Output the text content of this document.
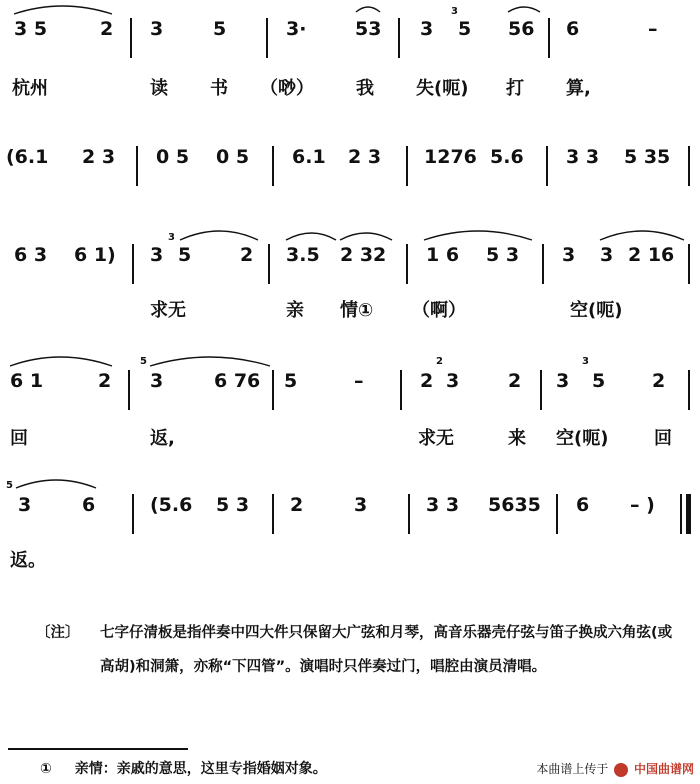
3 5	2 3	5	3·	53 3 5 56 6	–
3
杭州	读 书 （唦） 我 失(呃) 打 算,
(6.1 2 3 0 5 0 5 6.1 2 3 1276 5.6 3 3 5 35
6 3 6 1) 3 5	2 3.5 2 32 1 6 5 3 3 3 2 16
3
求无	亲 情① （啊）	空(呃)
6 1	2 3	6 76 5	–	2 3	2 3 5 2
5	2	3
回	返,	求无	来 空(呃)	回
3	6	(5.6 5 3 2	3	3 3 5635 6 – )
5
返。
〔注〕 七字仔清板是指伴奏中四大件只保留大广弦和月琴，高音乐器壳仔弦与笛子换成六角弦(或高胡)和洞箫，亦称“下四管”。演唱时只伴奏过门，唱腔由演员清唱。
① 亲情：亲戚的意思，这里专指婚姻对象。	本曲谱上传于 中国曲谱网
